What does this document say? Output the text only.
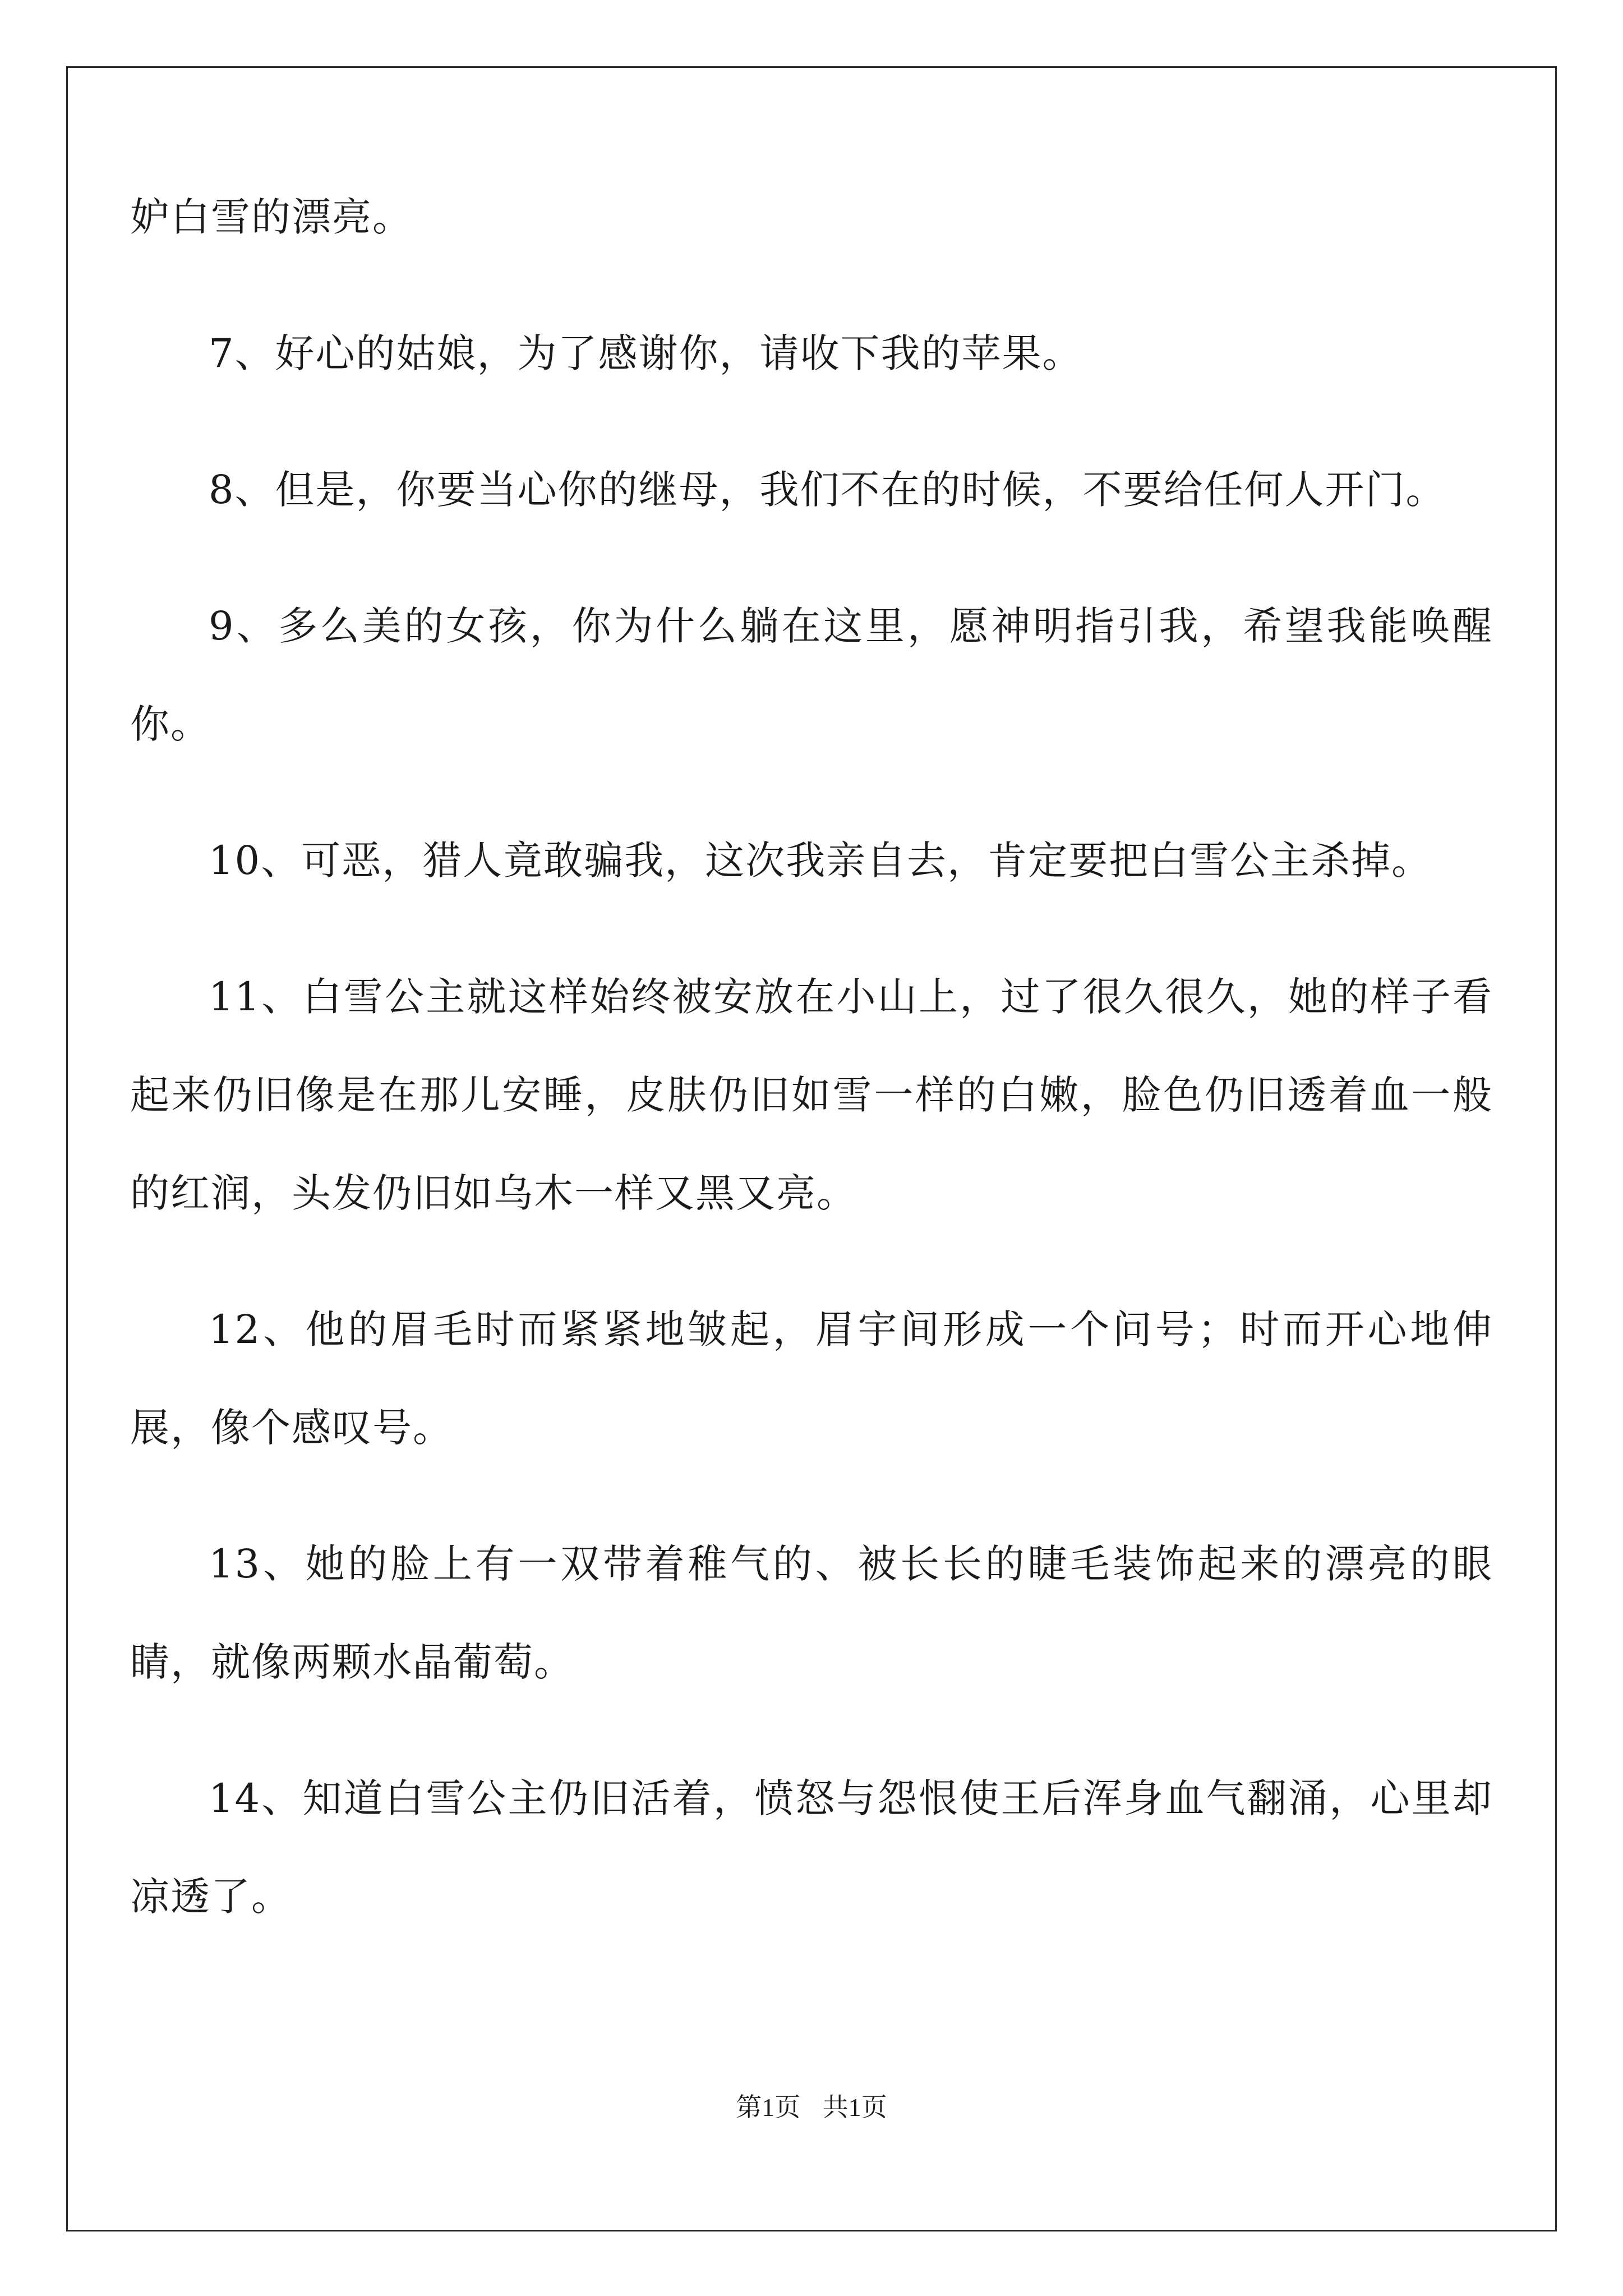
妒白雪的漂亮。

7、好心的姑娘，为了感谢你，请收下我的苹果。

8、但是，你要当心你的继母，我们不在的时候，不要给任何人开门。

9、多么美的女孩，你为什么躺在这里，愿神明指引我，希望我能唤醒你。

10、可恶，猎人竟敢骗我，这次我亲自去，肯定要把白雪公主杀掉。

11、白雪公主就这样始终被安放在小山上，过了很久很久，她的样子看起来仍旧像是在那儿安睡，皮肤仍旧如雪一样的白嫩，脸色仍旧透着血一般的红润，头发仍旧如乌木一样又黑又亮。

12、他的眉毛时而紧紧地皱起，眉宇间形成一个问号；时而开心地伸展，像个感叹号。

13、她的脸上有一双带着稚气的、被长长的睫毛装饰起来的漂亮的眼睛，就像两颗水晶葡萄。

14、知道白雪公主仍旧活着，愤怒与怨恨使王后浑身血气翻涌，心里却凉透了。

第1页 共1页
